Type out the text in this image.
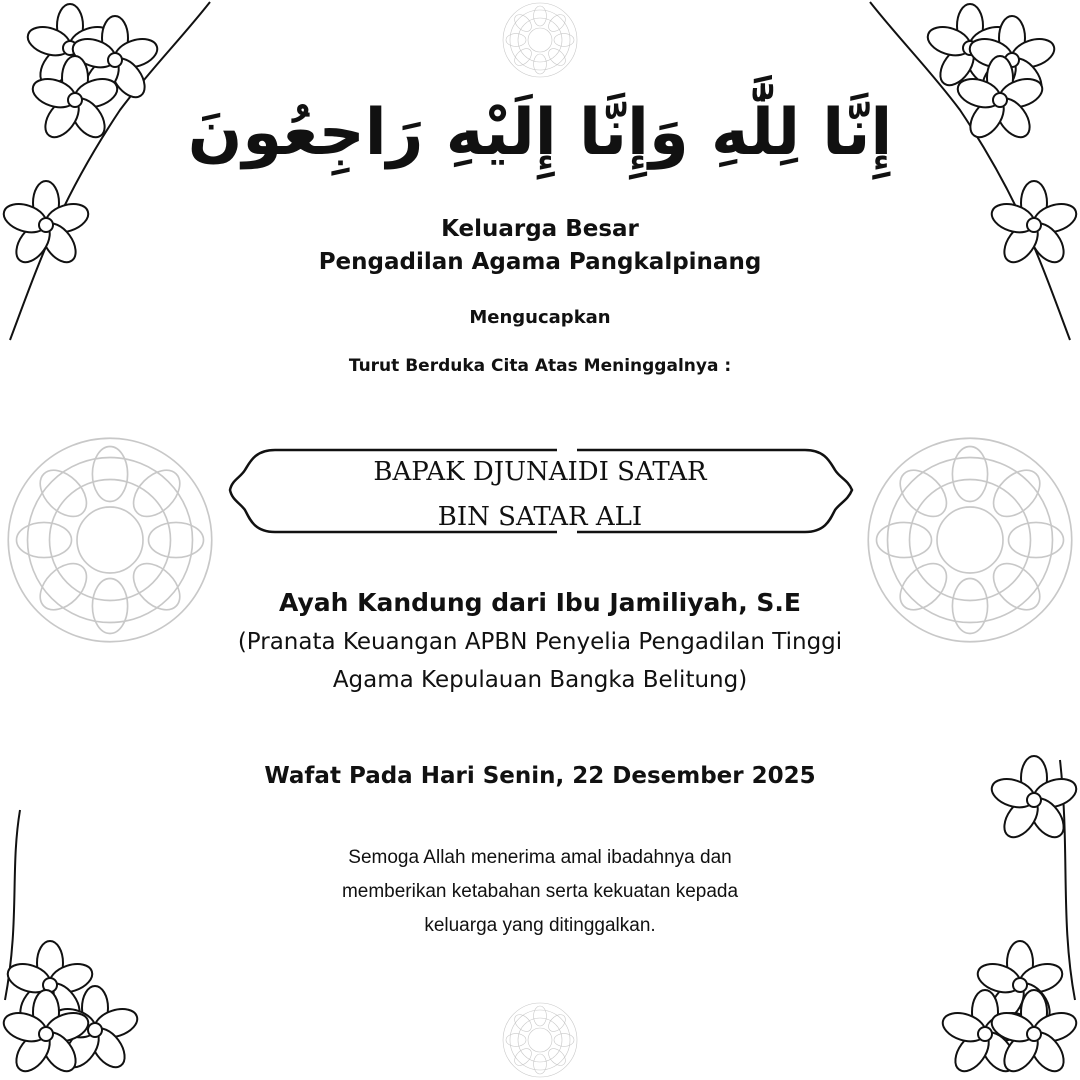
إِنَّا لِلَّٰهِ وَإِنَّا إِلَيْهِ رَاجِعُونَ
Keluarga Besar
Pengadilan Agama Pangkalpinang
Mengucapkan
Turut Berduka Cita Atas Meninggalnya :
BAPAK DJUNAIDI SATAR
BIN SATAR ALI
Ayah Kandung dari Ibu Jamiliyah, S.E
(Pranata Keuangan APBN Penyelia Pengadilan Tinggi
Agama Kepulauan Bangka Belitung)
Wafat Pada Hari Senin, 22 Desember 2025
Semoga Allah menerima amal ibadahnya dan
memberikan ketabahan serta kekuatan kepada
keluarga yang ditinggalkan.
